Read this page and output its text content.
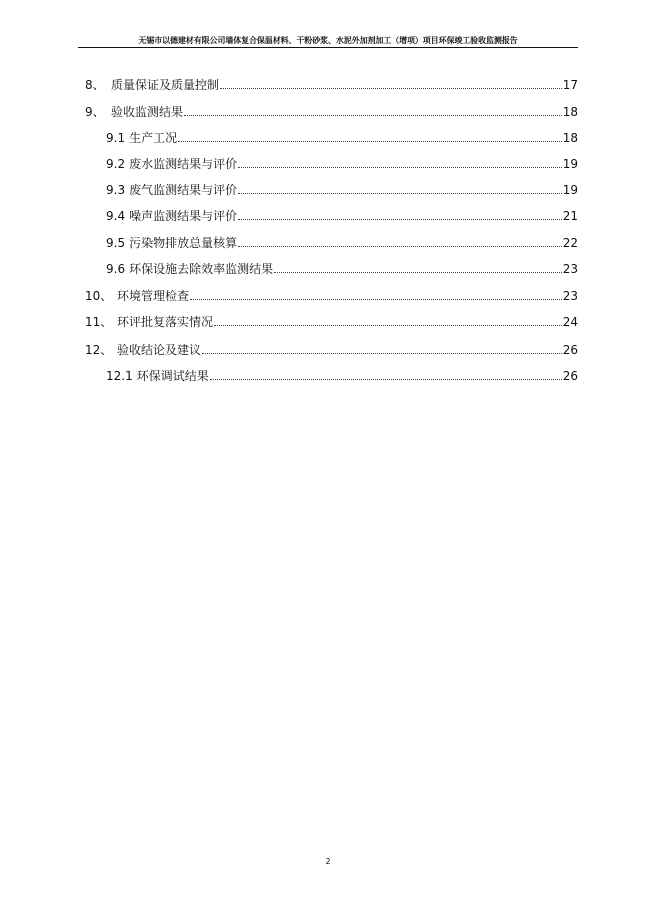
无锡市以德建材有限公司墙体复合保温材料、干粉砂浆、水泥外加剂加工（增项）项目环保竣工验收监测报告
8、 质量保证及质量控制	17
9、 验收监测结果	18
9.1 生产工况	18
9.2 废水监测结果与评价	19
9.3 废气监测结果与评价	19
9.4 噪声监测结果与评价	21
9.5 污染物排放总量核算	22
9.6 环保设施去除效率监测结果	23
10、 环境管理检查	23
11、 环评批复落实情况	24
12、 验收结论及建议	26
12.1 环保调试结果	26
2
